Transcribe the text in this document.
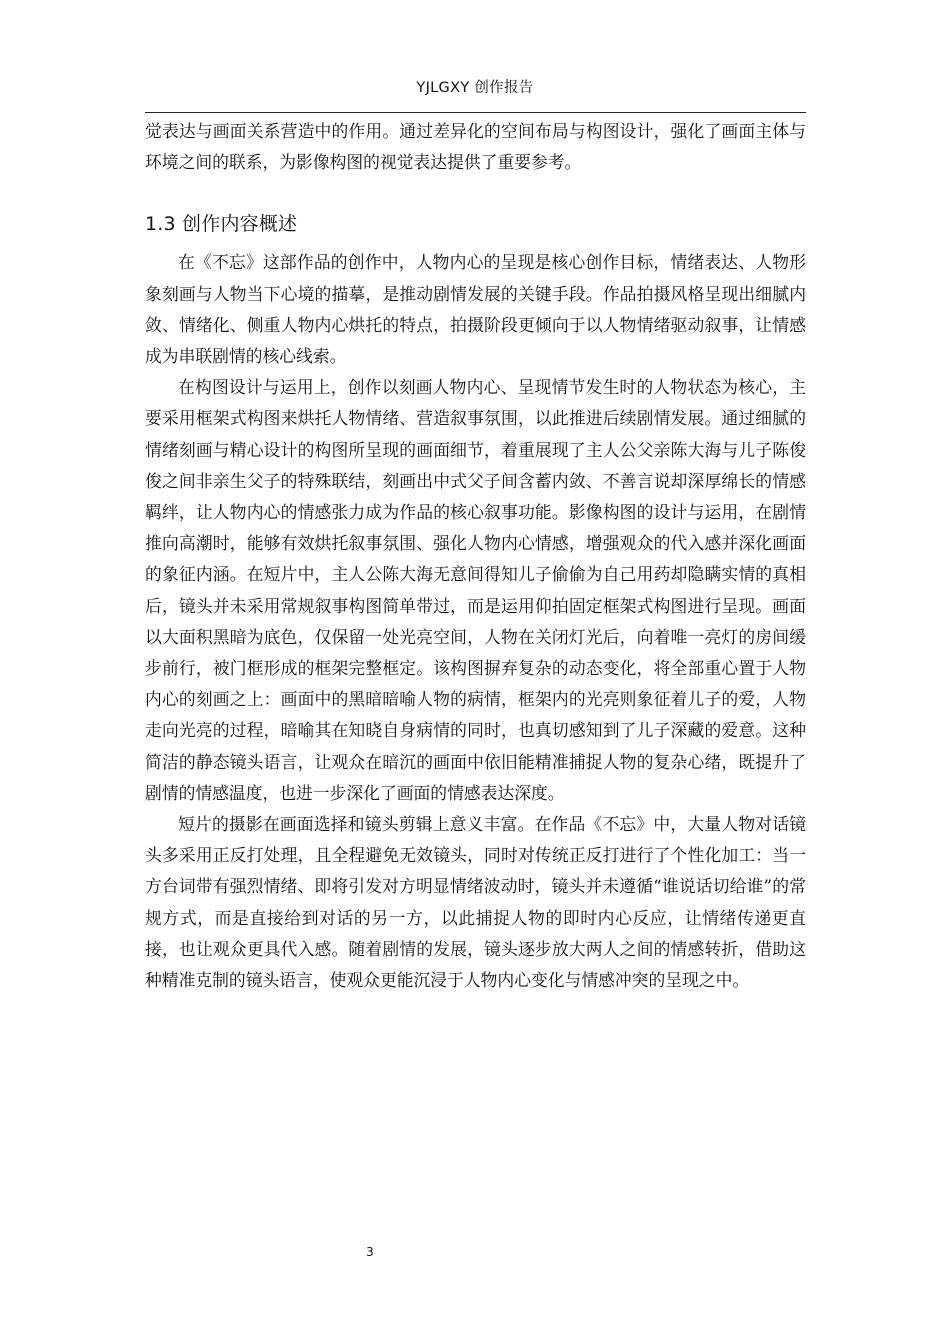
YJLGXY 创作报告

觉表达与画面关系营造中的作用。通过差异化的空间布局与构图设计，强化了画面主体与环境之间的联系，为影像构图的视觉表达提供了重要参考。

1.3 创作内容概述

在《不忘》这部作品的创作中，人物内心的呈现是核心创作目标，情绪表达、人物形象刻画与人物当下心境的描摹，是推动剧情发展的关键手段。作品拍摄风格呈现出细腻内敛、情绪化、侧重人物内心烘托的特点，拍摄阶段更倾向于以人物情绪驱动叙事，让情感成为串联剧情的核心线索。

在构图设计与运用上，创作以刻画人物内心、呈现情节发生时的人物状态为核心，主要采用框架式构图来烘托人物情绪、营造叙事氛围，以此推进后续剧情发展。通过细腻的情绪刻画与精心设计的构图所呈现的画面细节，着重展现了主人公父亲陈大海与儿子陈俊俊之间非亲生父子的特殊联结，刻画出中式父子间含蓄内敛、不善言说却深厚绵长的情感羁绊，让人物内心的情感张力成为作品的核心叙事功能。影像构图的设计与运用，在剧情推向高潮时，能够有效烘托叙事氛围、强化人物内心情感，增强观众的代入感并深化画面的象征内涵。在短片中，主人公陈大海无意间得知儿子偷偷为自己用药却隐瞒实情的真相后，镜头并未采用常规叙事构图简单带过，而是运用仰拍固定框架式构图进行呈现。画面以大面积黑暗为底色，仅保留一处光亮空间，人物在关闭灯光后，向着唯一亮灯的房间缓步前行，被门框形成的框架完整框定。该构图摒弃复杂的动态变化，将全部重心置于人物内心的刻画之上：画面中的黑暗暗喻人物的病情，框架内的光亮则象征着儿子的爱，人物走向光亮的过程，暗喻其在知晓自身病情的同时，也真切感知到了儿子深藏的爱意。这种简洁的静态镜头语言，让观众在暗沉的画面中依旧能精准捕捉人物的复杂心绪，既提升了剧情的情感温度，也进一步深化了画面的情感表达深度。

短片的摄影在画面选择和镜头剪辑上意义丰富。在作品《不忘》中，大量人物对话镜头多采用正反打处理，且全程避免无效镜头，同时对传统正反打进行了个性化加工：当一方台词带有强烈情绪、即将引发对方明显情绪波动时，镜头并未遵循“谁说话切给谁”的常规方式，而是直接给到对话的另一方，以此捕捉人物的即时内心反应，让情绪传递更直接，也让观众更具代入感。随着剧情的发展，镜头逐步放大两人之间的情感转折，借助这种精准克制的镜头语言，使观众更能沉浸于人物内心变化与情感冲突的呈现之中。

3
